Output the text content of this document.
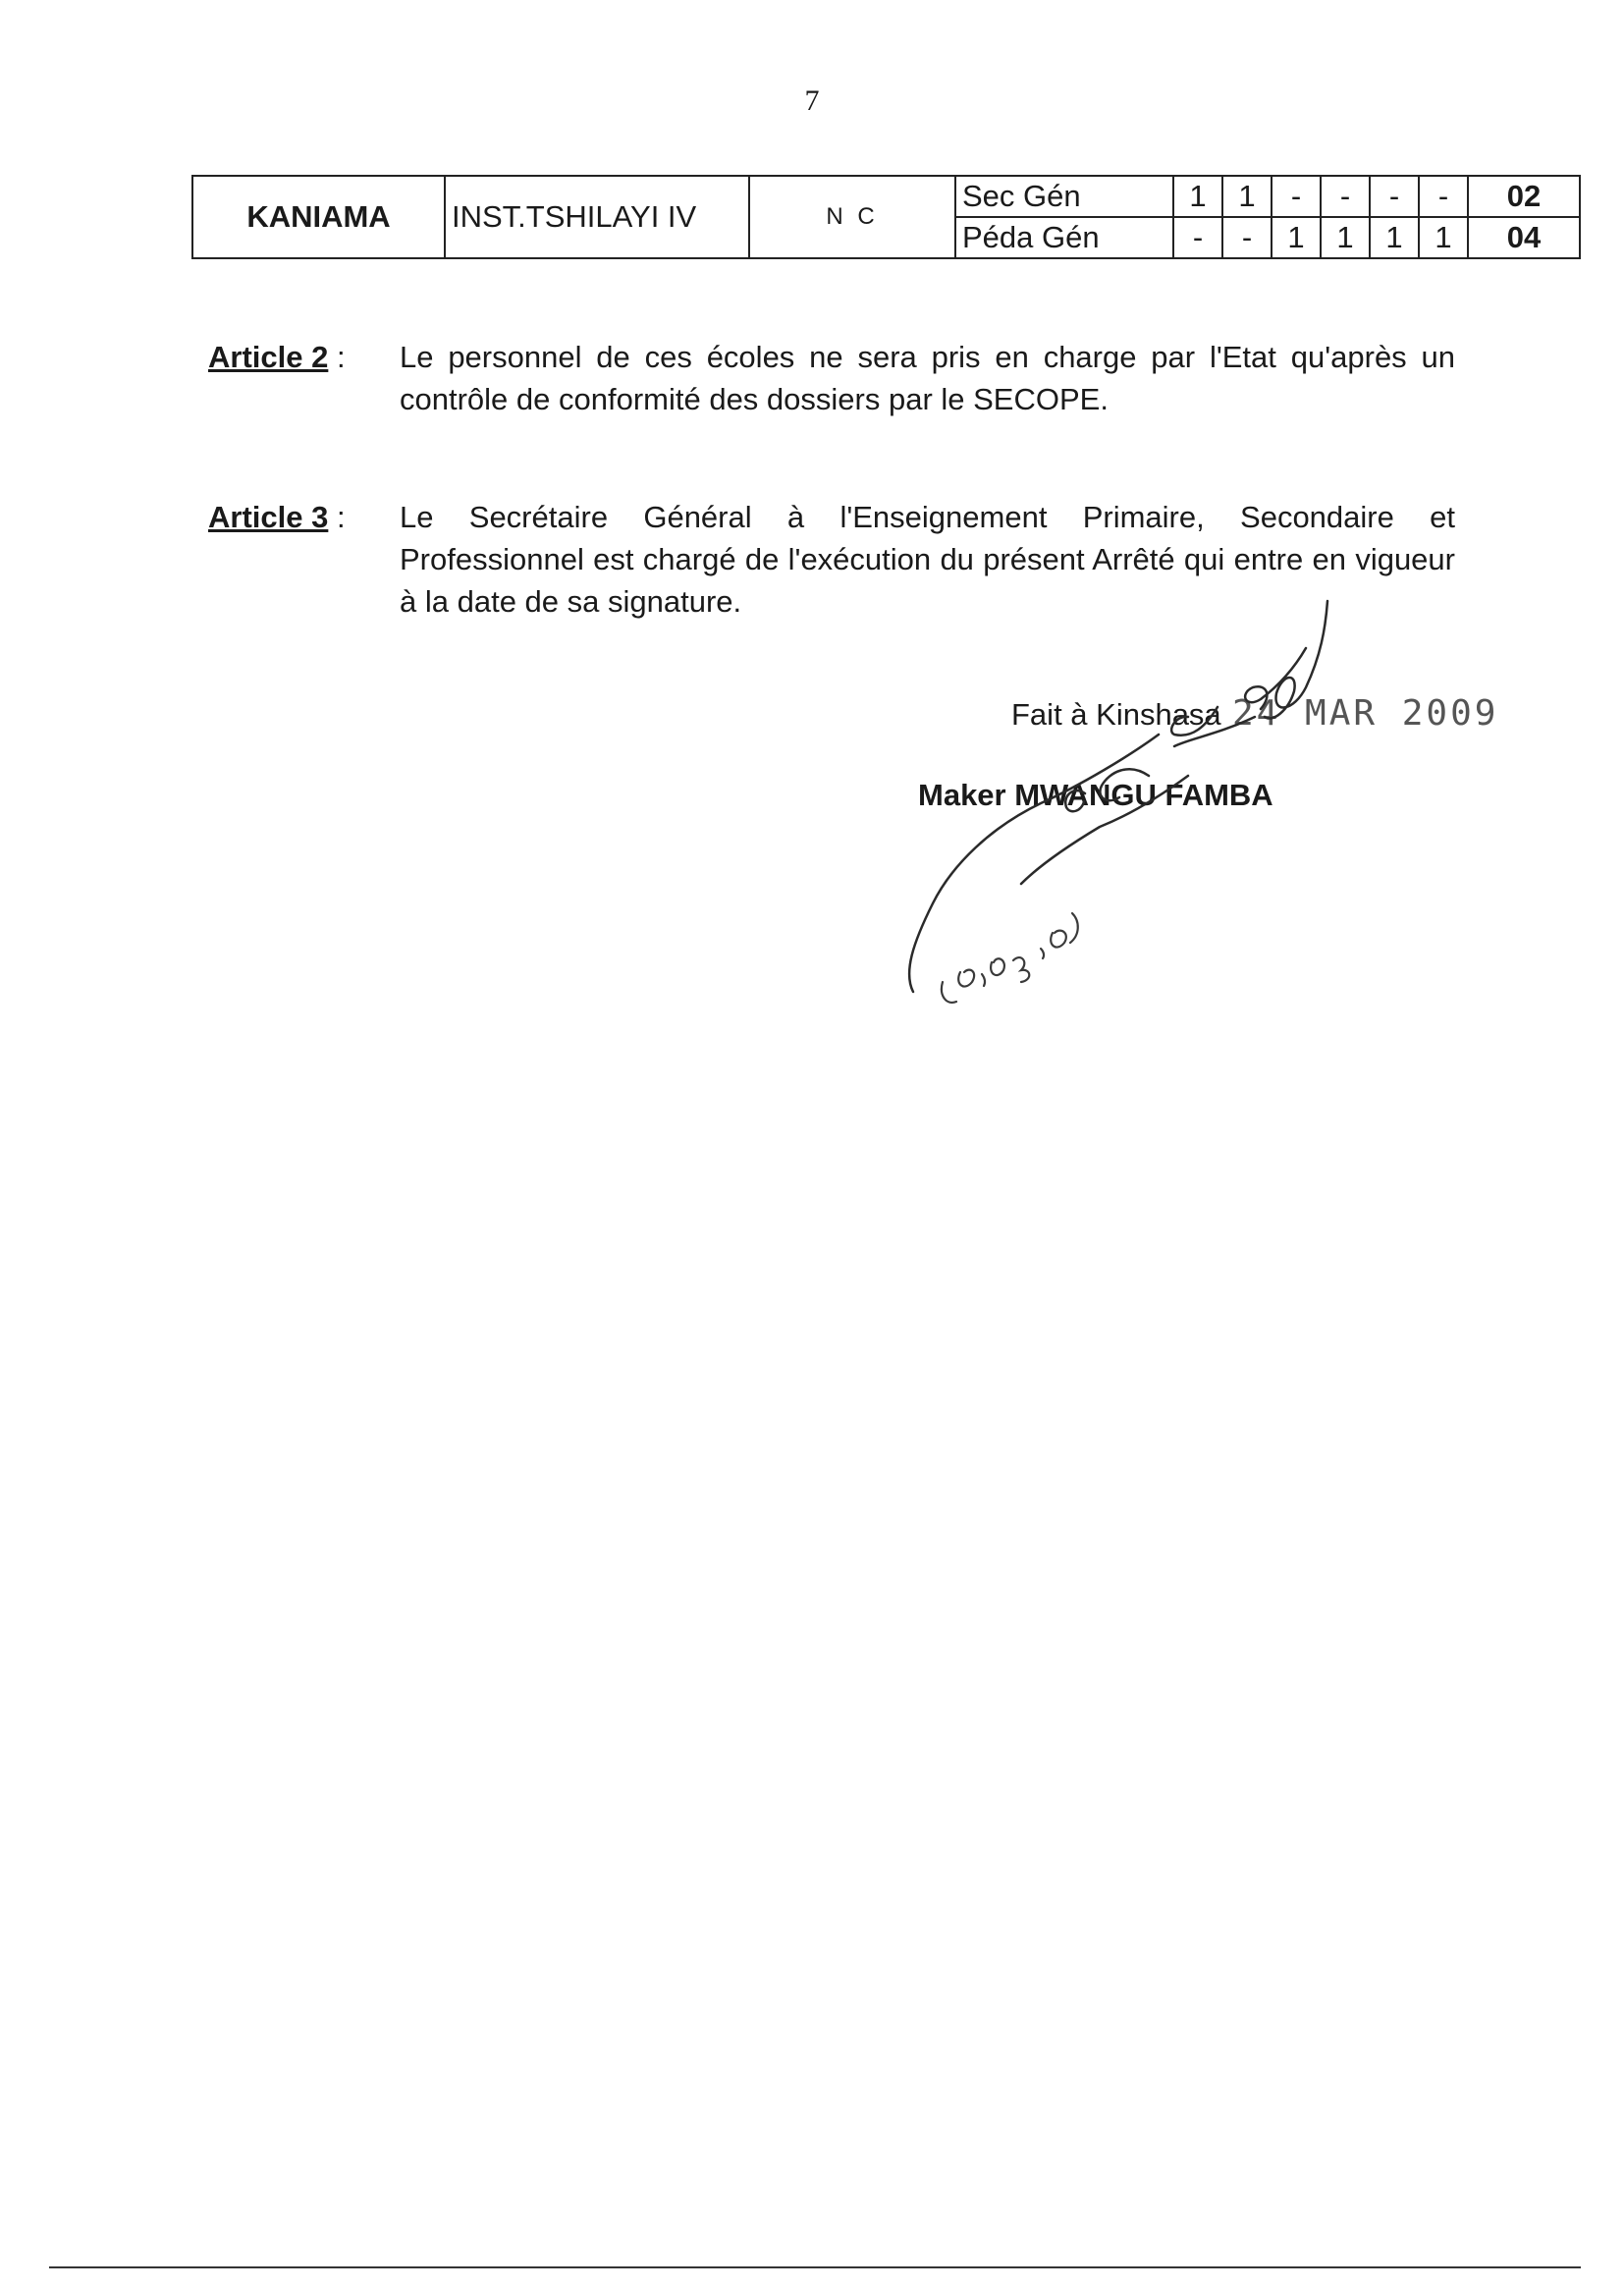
7
KANIAMA	INST.TSHILAYI IV	N C	Sec Gén	1	1	-	-	-	-	02
			Péda Gén	-	-	1	1	1	1	04
Article 2 : Le personnel de ces écoles ne sera pris en charge par l'Etat qu'après un contrôle de conformité des dossiers par le SECOPE.
Article 3 : Le Secrétaire Général à l'Enseignement Primaire, Secondaire et Professionnel est chargé de l'exécution du présent Arrêté qui entre en vigueur à la date de sa signature.
Fait à Kinshasa 24 MAR 2009
Maker MWANGU FAMBA
